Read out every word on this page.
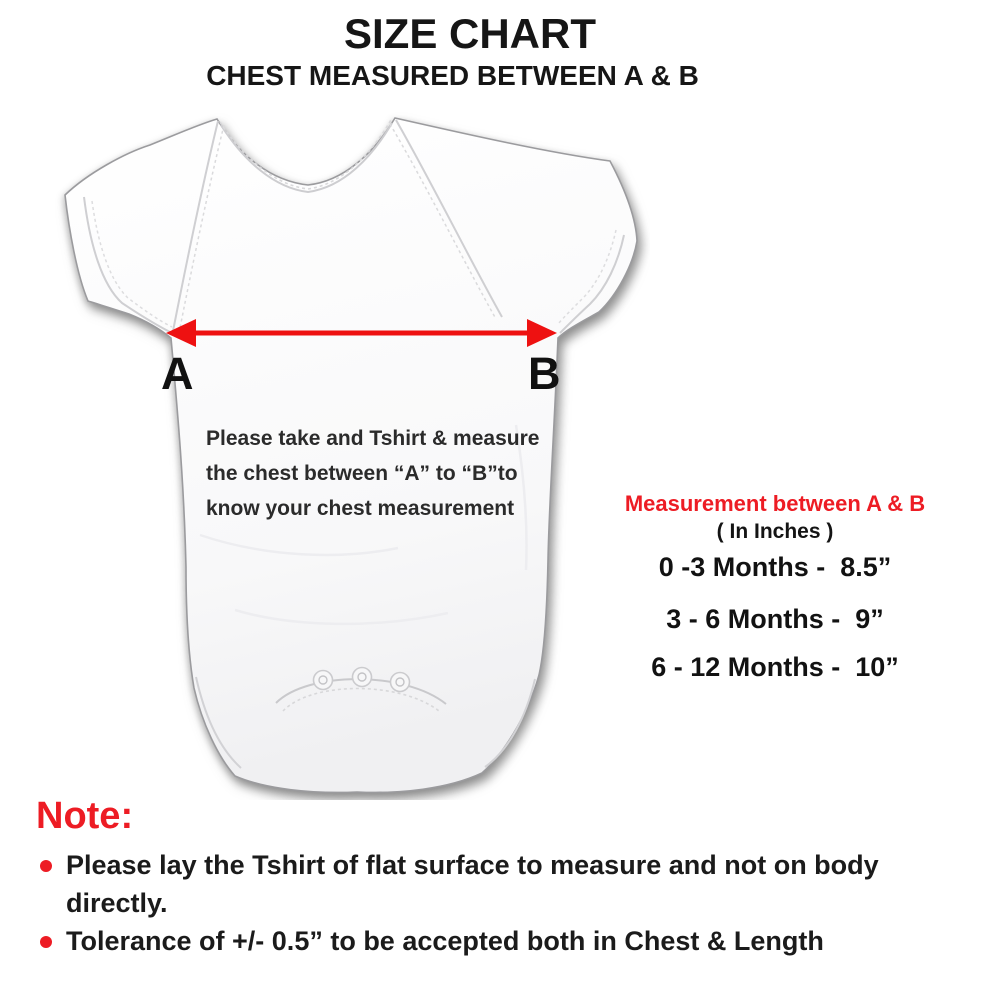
SIZE CHART
CHEST MEASURED BETWEEN A & B
A	B
Please take and Tshirt & measure
the chest between “A” to “B”to
know your chest measurement	Measurement between A & B
( In Inches )
0 -3 Months -  8.5”
3 - 6 Months -  9”
6 - 12 Months -  10”
Note:
Please lay the Tshirt of flat surface to measure and not on body directly.
Tolerance of +/- 0.5” to be accepted both in Chest & Length
